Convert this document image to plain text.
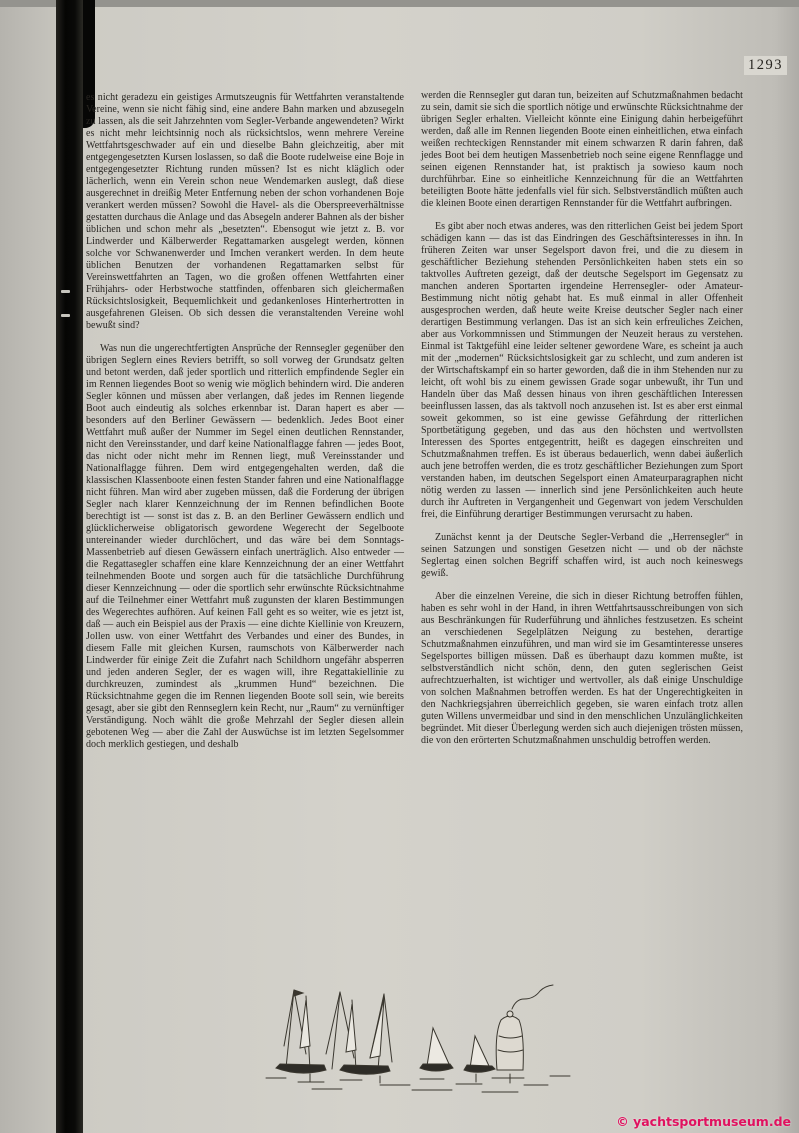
1293

es nicht geradezu ein geistiges Armutszeugnis für Wettfahrten veranstaltende Vereine, wenn sie nicht fähig sind, eine andere Bahn marken und abzusegeln zu lassen, als die seit Jahrzehnten vom Segler-Verbande angewendeten? Wirkt es nicht mehr leichtsinnig noch als rücksichtslos, wenn mehrere Vereine Wettfahrtsgeschwader auf ein und dieselbe Bahn gleichzeitig, aber mit entgegengesetzten Kursen loslassen, so daß die Boote rudelweise eine Boje in entgegengesetzter Richtung runden müssen? Ist es nicht kläglich oder lächerlich, wenn ein Verein schon neue Wendemarken auslegt, daß diese ausgerechnet in dreißig Meter Entfernung neben der schon vorhandenen Boje verankert werden müssen? Sowohl die Havel- als die Oberspreeverhältnisse gestatten durchaus die Anlage und das Absegeln anderer Bahnen als der bisher üblichen und schon mehr als „besetzten“. Ebensogut wie jetzt z. B. vor Lindwerder und Kälberwerder Regattamarken ausgelegt werden, können solche vor Schwanenwerder und Imchen verankert werden. In dem heute üblichen Benutzen der vorhandenen Regattamarken selbst für Vereinswettfahrten an Tagen, wo die großen offenen Wettfahrten einer Frühjahrs- oder Herbstwoche stattfinden, offenbaren sich gleichermaßen Rücksichtslosigkeit, Bequemlichkeit und gedankenloses Hinterhertrotten in ausgefahrenen Gleisen. Ob sich dessen die veranstaltenden Vereine wohl bewußt sind?

Was nun die ungerechtfertigten Ansprüche der Rennsegler gegenüber den übrigen Seglern eines Reviers betrifft, so soll vorweg der Grundsatz gelten und betont werden, daß jeder sportlich und ritterlich empfindende Segler ein im Rennen liegendes Boot so wenig wie möglich behindern wird. Die anderen Segler können und müssen aber verlangen, daß jedes im Rennen liegende Boot auch eindeutig als solches erkennbar ist. Daran hapert es aber — besonders auf den Berliner Gewässern — bedenklich. Jedes Boot einer Wettfahrt muß außer der Nummer im Segel einen deutlichen Rennstander, nicht den Vereinsstander, und darf keine Nationalflagge fahren — jedes Boot, das nicht oder nicht mehr im Rennen liegt, muß Vereinsstander und Nationalflagge führen. Dem wird entgegengehalten werden, daß die klassischen Klassenboote einen festen Stander fahren und eine Nationalflagge nicht führen. Man wird aber zugeben müssen, daß die Forderung der übrigen Segler nach klarer Kennzeichnung der im Rennen befindlichen Boote berechtigt ist — sonst ist das z. B. an den Berliner Gewässern endlich und glücklicherweise obligatorisch gewordene Wegerecht der Segelboote untereinander wieder durchlöchert, und das wäre bei dem Sonntags-Massenbetrieb auf diesen Gewässern einfach unerträglich. Also entweder — die Regattasegler schaffen eine klare Kennzeichnung der an einer Wettfahrt teilnehmenden Boote und sorgen auch für die tatsächliche Durchführung dieser Kennzeichnung — oder die sportlich sehr erwünschte Rücksichtnahme auf die Teilnehmer einer Wettfahrt muß zugunsten der klaren Bestimmungen des Wegerechtes aufhören. Auf keinen Fall geht es so weiter, wie es jetzt ist, daß — auch ein Beispiel aus der Praxis — eine dichte Kiellinie von Kreuzern, Jollen usw. von einer Wettfahrt des Verbandes und einer des Bundes, in diesem Falle mit gleichen Kursen, raumschots von Kälberwerder nach Lindwerder für einige Zeit die Zufahrt nach Schildhorn ungefähr absperren und jeden anderen Segler, der es wagen will, ihre Regattakiellinie zu durchkreuzen, zumindest als „krummen Hund“ bezeichnen. Die Rücksichtnahme gegen die im Rennen liegenden Boote soll sein, wie bereits gesagt, aber sie gibt den Rennseglern kein Recht, nur „Raum“ zu vernünftiger Verständigung. Noch wählt die große Mehrzahl der Segler diesen allein gebotenen Weg — aber die Zahl der Auswüchse ist im letzten Segelsommer doch merklich gestiegen, und deshalb

werden die Rennsegler gut daran tun, beizeiten auf Schutzmaßnahmen bedacht zu sein, damit sie sich die sportlich nötige und erwünschte Rücksichtnahme der übrigen Segler erhalten. Vielleicht könnte eine Einigung dahin herbeigeführt werden, daß alle im Rennen liegenden Boote einen einheitlichen, etwa einfach weißen rechteckigen Rennstander mit einem schwarzen R darin fahren, daß jedes Boot bei dem heutigen Massenbetrieb noch seine eigene Rennflagge und seinen eigenen Rennstander hat, ist praktisch ja sowieso kaum noch durchführbar. Eine so einheitliche Kennzeichnung für die an Wettfahrten beteiligten Boote hätte jedenfalls viel für sich. Selbstverständlich müßten auch die kleinen Boote einen derartigen Rennstander für die Wettfahrt aufbringen.

Es gibt aber noch etwas anderes, was den ritterlichen Geist bei jedem Sport schädigen kann — das ist das Eindringen des Geschäftsinteresses in ihn. In früheren Zeiten war unser Segelsport davon frei, und die zu diesem in geschäftlicher Beziehung stehenden Persönlichkeiten haben stets ein so taktvolles Auftreten gezeigt, daß der deutsche Segelsport im Gegensatz zu manchen anderen Sportarten irgendeine Herrensegler- oder Amateur-Bestimmung nicht nötig gehabt hat. Es muß einmal in aller Offenheit ausgesprochen werden, daß heute weite Kreise deutscher Segler nach einer derartigen Bestimmung verlangen. Das ist an sich kein erfreuliches Zeichen, aber aus Vorkommnissen und Stimmungen der Neuzeit heraus zu verstehen. Einmal ist Taktgefühl eine leider seltener gewordene Ware, es scheint ja auch mit der „modernen“ Rücksichtslosigkeit gar zu schlecht, und zum anderen ist der Wirtschaftskampf ein so harter geworden, daß die in ihm Stehenden nur zu leicht, oft wohl bis zu einem gewissen Grade sogar unbewußt, ihr Tun und Handeln über das Maß dessen hinaus von ihren geschäftlichen Interessen beeinflussen lassen, das als taktvoll noch anzusehen ist. Ist es aber erst einmal soweit gekommen, so ist eine gewisse Gefährdung der ritterlichen Sportbetätigung gegeben, und das aus den höchsten und wertvollsten Interessen des Sportes entgegentritt, heißt es dagegen einschreiten und Schutzmaßnahmen treffen. Es ist überaus bedauerlich, wenn dabei äußerlich auch jene betroffen werden, die es trotz geschäftlicher Beziehungen zum Sport verstanden haben, im deutschen Segelsport einen Amateurparagraphen nicht nötig werden zu lassen — innerlich sind jene Persönlichkeiten auch heute durch ihr Auftreten in Vergangenheit und Gegenwart von jedem Verschulden frei, die Einführung derartiger Bestimmungen verursacht zu haben.

Zunächst kennt ja der Deutsche Segler-Verband die „Herrensegler“ in seinen Satzungen und sonstigen Gesetzen nicht — und ob der nächste Seglertag einen solchen Begriff schaffen wird, ist auch noch keineswegs gewiß.

Aber die einzelnen Vereine, die sich in dieser Richtung betroffen fühlen, haben es sehr wohl in der Hand, in ihren Wettfahrtsausschreibungen von sich aus Beschränkungen für Ruderführung und ähnliches festzusetzen. Es scheint an verschiedenen Segelplätzen Neigung zu bestehen, derartige Schutzmaßnahmen einzuführen, und man wird sie im Gesamtinteresse unseres Segelsportes billigen müssen. Daß es überhaupt dazu kommen mußte, ist selbstverständlich nicht schön, denn, den guten seglerischen Geist aufrechtzuerhalten, ist wichtiger und wertvoller, als daß einige Unschuldige von solchen Maßnahmen betroffen werden. Es hat der Ungerechtigkeiten in den Nachkriegsjahren überreichlich gegeben, sie waren einfach trotz allen guten Willens unvermeidbar und sind in den menschlichen Unzulänglichkeiten begründet. Mit dieser Überlegung werden sich auch diejenigen trösten müssen, die von den erörterten Schutzmaßnahmen unschuldig betroffen werden.

© yachtsportmuseum.de
